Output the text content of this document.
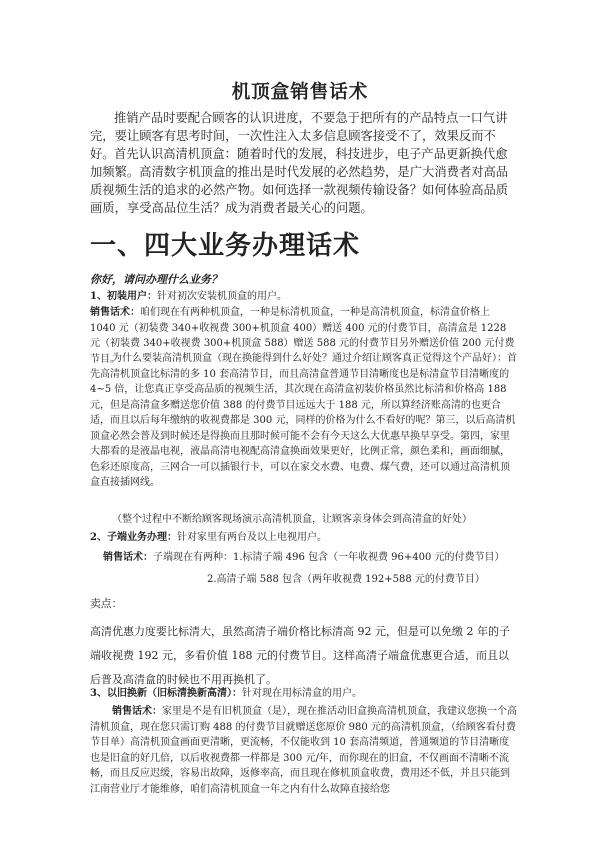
机顶盒销售话术

推销产品时要配合顾客的认识进度，不要急于把所有的产品特点一口气讲完，要让顾客有思考时间，一次性注入太多信息顾客接受不了，效果反而不好。 首先认识高清机顶盒：随着时代的发展，科技进步，电子产品更新换代愈加频繁。高清数字机顶盒的推出是时代发展的必然趋势，是广大消费者对高品质视频生活的追求的必然产物。如何选择一款视频传输设备？如何体验高品质画质，享受高品位生活？成为消费者最关心的问题。

一、四大业务办理话术

你好，请问办理什么业务？

1、初装用户：针对初次安装机顶盒的用户。

销售话术：咱们现在有两种机顶盒，一种是标清机顶盒，一种是高清机顶盒，标清盒价格上 1040 元（初装费 340+收视费 300+机顶盒 400）赠送 400 元的付费节目，高清盒是 1228 元（初装费 340+收视费 300+机顶盒 588）赠送 588 元的付费节目另外赠送价值 200 元付费节目。

为什么要装高清机顶盒（现在换能得到什么好处？通过介绍让顾客真正觉得这个产品好）：首先高清机顶盒比标清的多 10 套高清节目，而且高清盒普通节目清晰度也是标清盒节目清晰度的 4~5 倍，让您真正享受高品质的视频生活，其次现在高清盒初装价格虽然比标清和价格高 188 元，但是高清盒多赠送您价值 388 的付费节目远远大于 188 元，所以算经济账高清的也更合适，而且以后每年缴纳的收视费都是 300 元，同样的价格为什么不看好的呢？第三，以后高清机顶盒必然会普及到时候还是得换而且那时候可能不会有今天这么大优惠早换早享受。第四，家里大都看的是液晶电视，液晶高清电视配高清盒换面效果更好，比例正常，颜色柔和，画面细腻，色彩还原度高，三网合一可以插银行卡，可以在家交水费、电费、煤气费，还可以通过高清机顶盒直接插网线。

（整个过程中不断给顾客现场演示高清机顶盒，让顾客亲身体会到高清盒的好处）

2、子端业务办理：针对家里有两台及以上电视用户。

销售话术：子端现在有两种：1.标清子端 496 包含（一年收视费 96+400 元的付费节目）

2.高清子端 588 包含（两年收视费 192+588 元的付费节目）

卖点：

高清优惠力度要比标清大，虽然高清子端价格比标清高 92 元，但是可以免缴 2 年的子端收视费 192 元，多看价值 188 元的付费节目。这样高清子端盒优惠更合适，而且以后普及高清盒的时候也不用再换机了。

3、以旧换新（旧标清换新高清）：针对现在用标清盒的用户。

销售话术：家里是不是有旧机顶盒（是），现在推活动旧盒换高清机顶盒，我建议您换一个高清机顶盒，现在您只需订购 488 的付费节目就赠送您原价 980 元的高清机顶盒，（给顾客看付费节目单）高清机顶盒画面更清晰，更流畅，不仅能收到 10 套高清频道，普通频道的节目清晰度也是旧盒的好几倍，以后收视费都一样都是 300 元/年，而你现在的旧盒，不仅画面不清晰不流畅，而且反应迟缓，容易出故障，返修率高，而且现在修机顶盒收费，费用还不低，并且只能到江南营业厅才能维修，咱们高清机顶盒一年之内有什么故障直接给您
